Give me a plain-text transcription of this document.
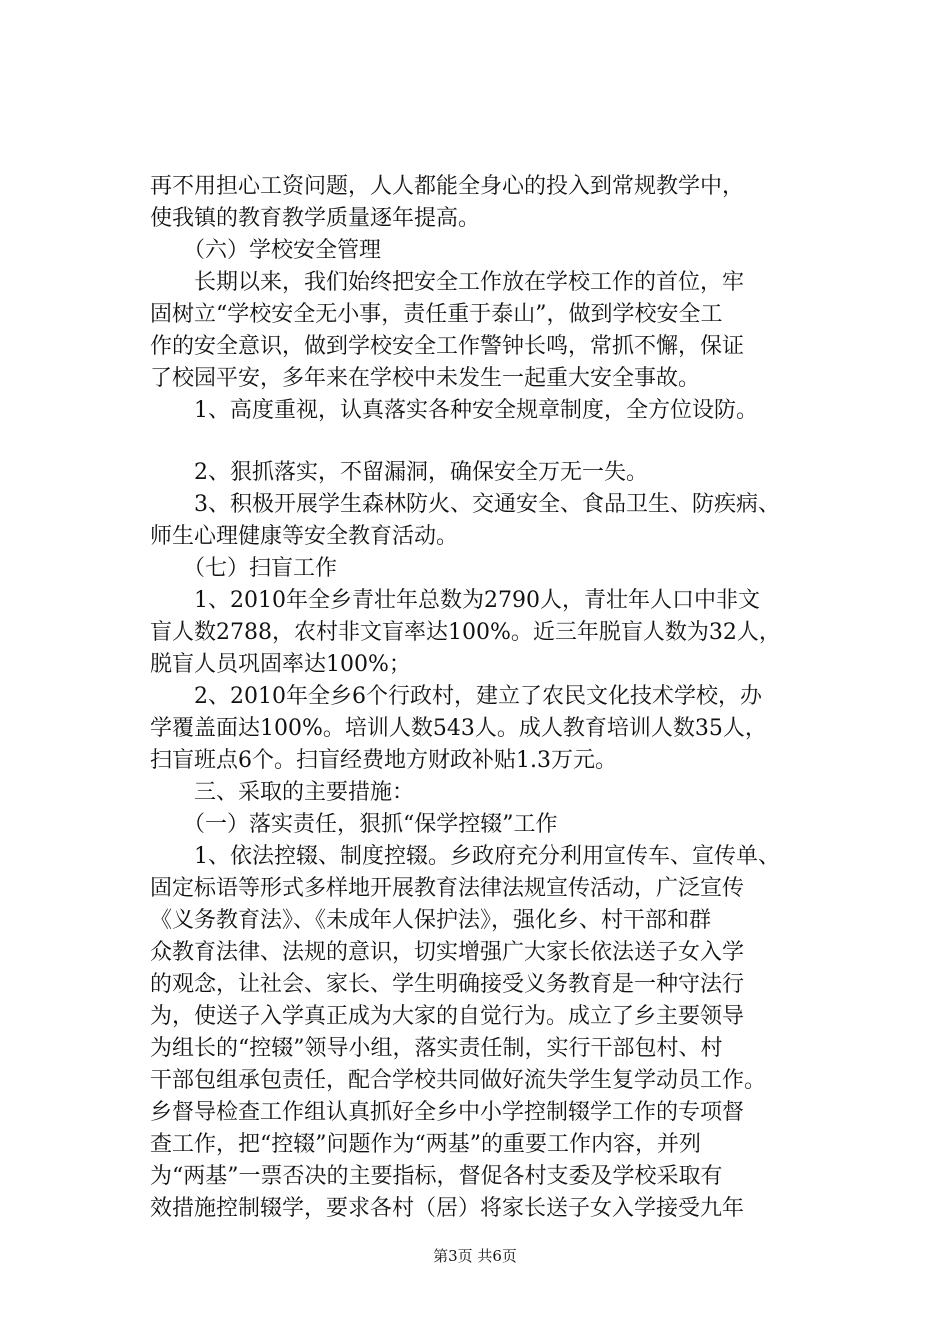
再不用担心工资问题，人人都能全身心的投入到常规教学中，
使我镇的教育教学质量逐年提高。
　　（六）学校安全管理
　　长期以来，我们始终把安全工作放在学校工作的首位，牢
固树立“学校安全无小事，责任重于泰山”，做到学校安全工
作的安全意识，做到学校安全工作警钟长鸣，常抓不懈，保证
了校园平安，多年来在学校中未发生一起重大安全事故。
　　1、高度重视，认真落实各种安全规章制度，全方位设防。
　　2、狠抓落实，不留漏洞，确保安全万无一失。
　　3、积极开展学生森林防火、交通安全、食品卫生、防疾病、
师生心理健康等安全教育活动。
　　（七）扫盲工作
　　1、2010年全乡青壮年总数为2790人，青壮年人口中非文
盲人数2788，农村非文盲率达100%。近三年脱盲人数为32人，
脱盲人员巩固率达100%；
　　2、2010年全乡6个行政村，建立了农民文化技术学校，办
学覆盖面达100%。培训人数543人。成人教育培训人数35人，
扫盲班点6个。扫盲经费地方财政补贴1.3万元。
　　三、采取的主要措施：
　　（一）落实责任，狠抓“保学控辍”工作
　　1、依法控辍、制度控辍。乡政府充分利用宣传车、宣传单、
固定标语等形式多样地开展教育法律法规宣传活动，广泛宣传
《义务教育法》、《未成年人保护法》，强化乡、村干部和群
众教育法律、法规的意识，切实增强广大家长依法送子女入学
的观念，让社会、家长、学生明确接受义务教育是一种守法行
为，使送子入学真正成为大家的自觉行为。成立了乡主要领导
为组长的“控辍”领导小组，落实责任制，实行干部包村、村
干部包组承包责任，配合学校共同做好流失学生复学动员工作。
乡督导检查工作组认真抓好全乡中小学控制辍学工作的专项督
查工作，把“控辍”问题作为“两基”的重要工作内容，并列
为“两基”一票否决的主要指标，督促各村支委及学校采取有
效措施控制辍学，要求各村（居）将家长送子女入学接受九年
第3页 共6页
